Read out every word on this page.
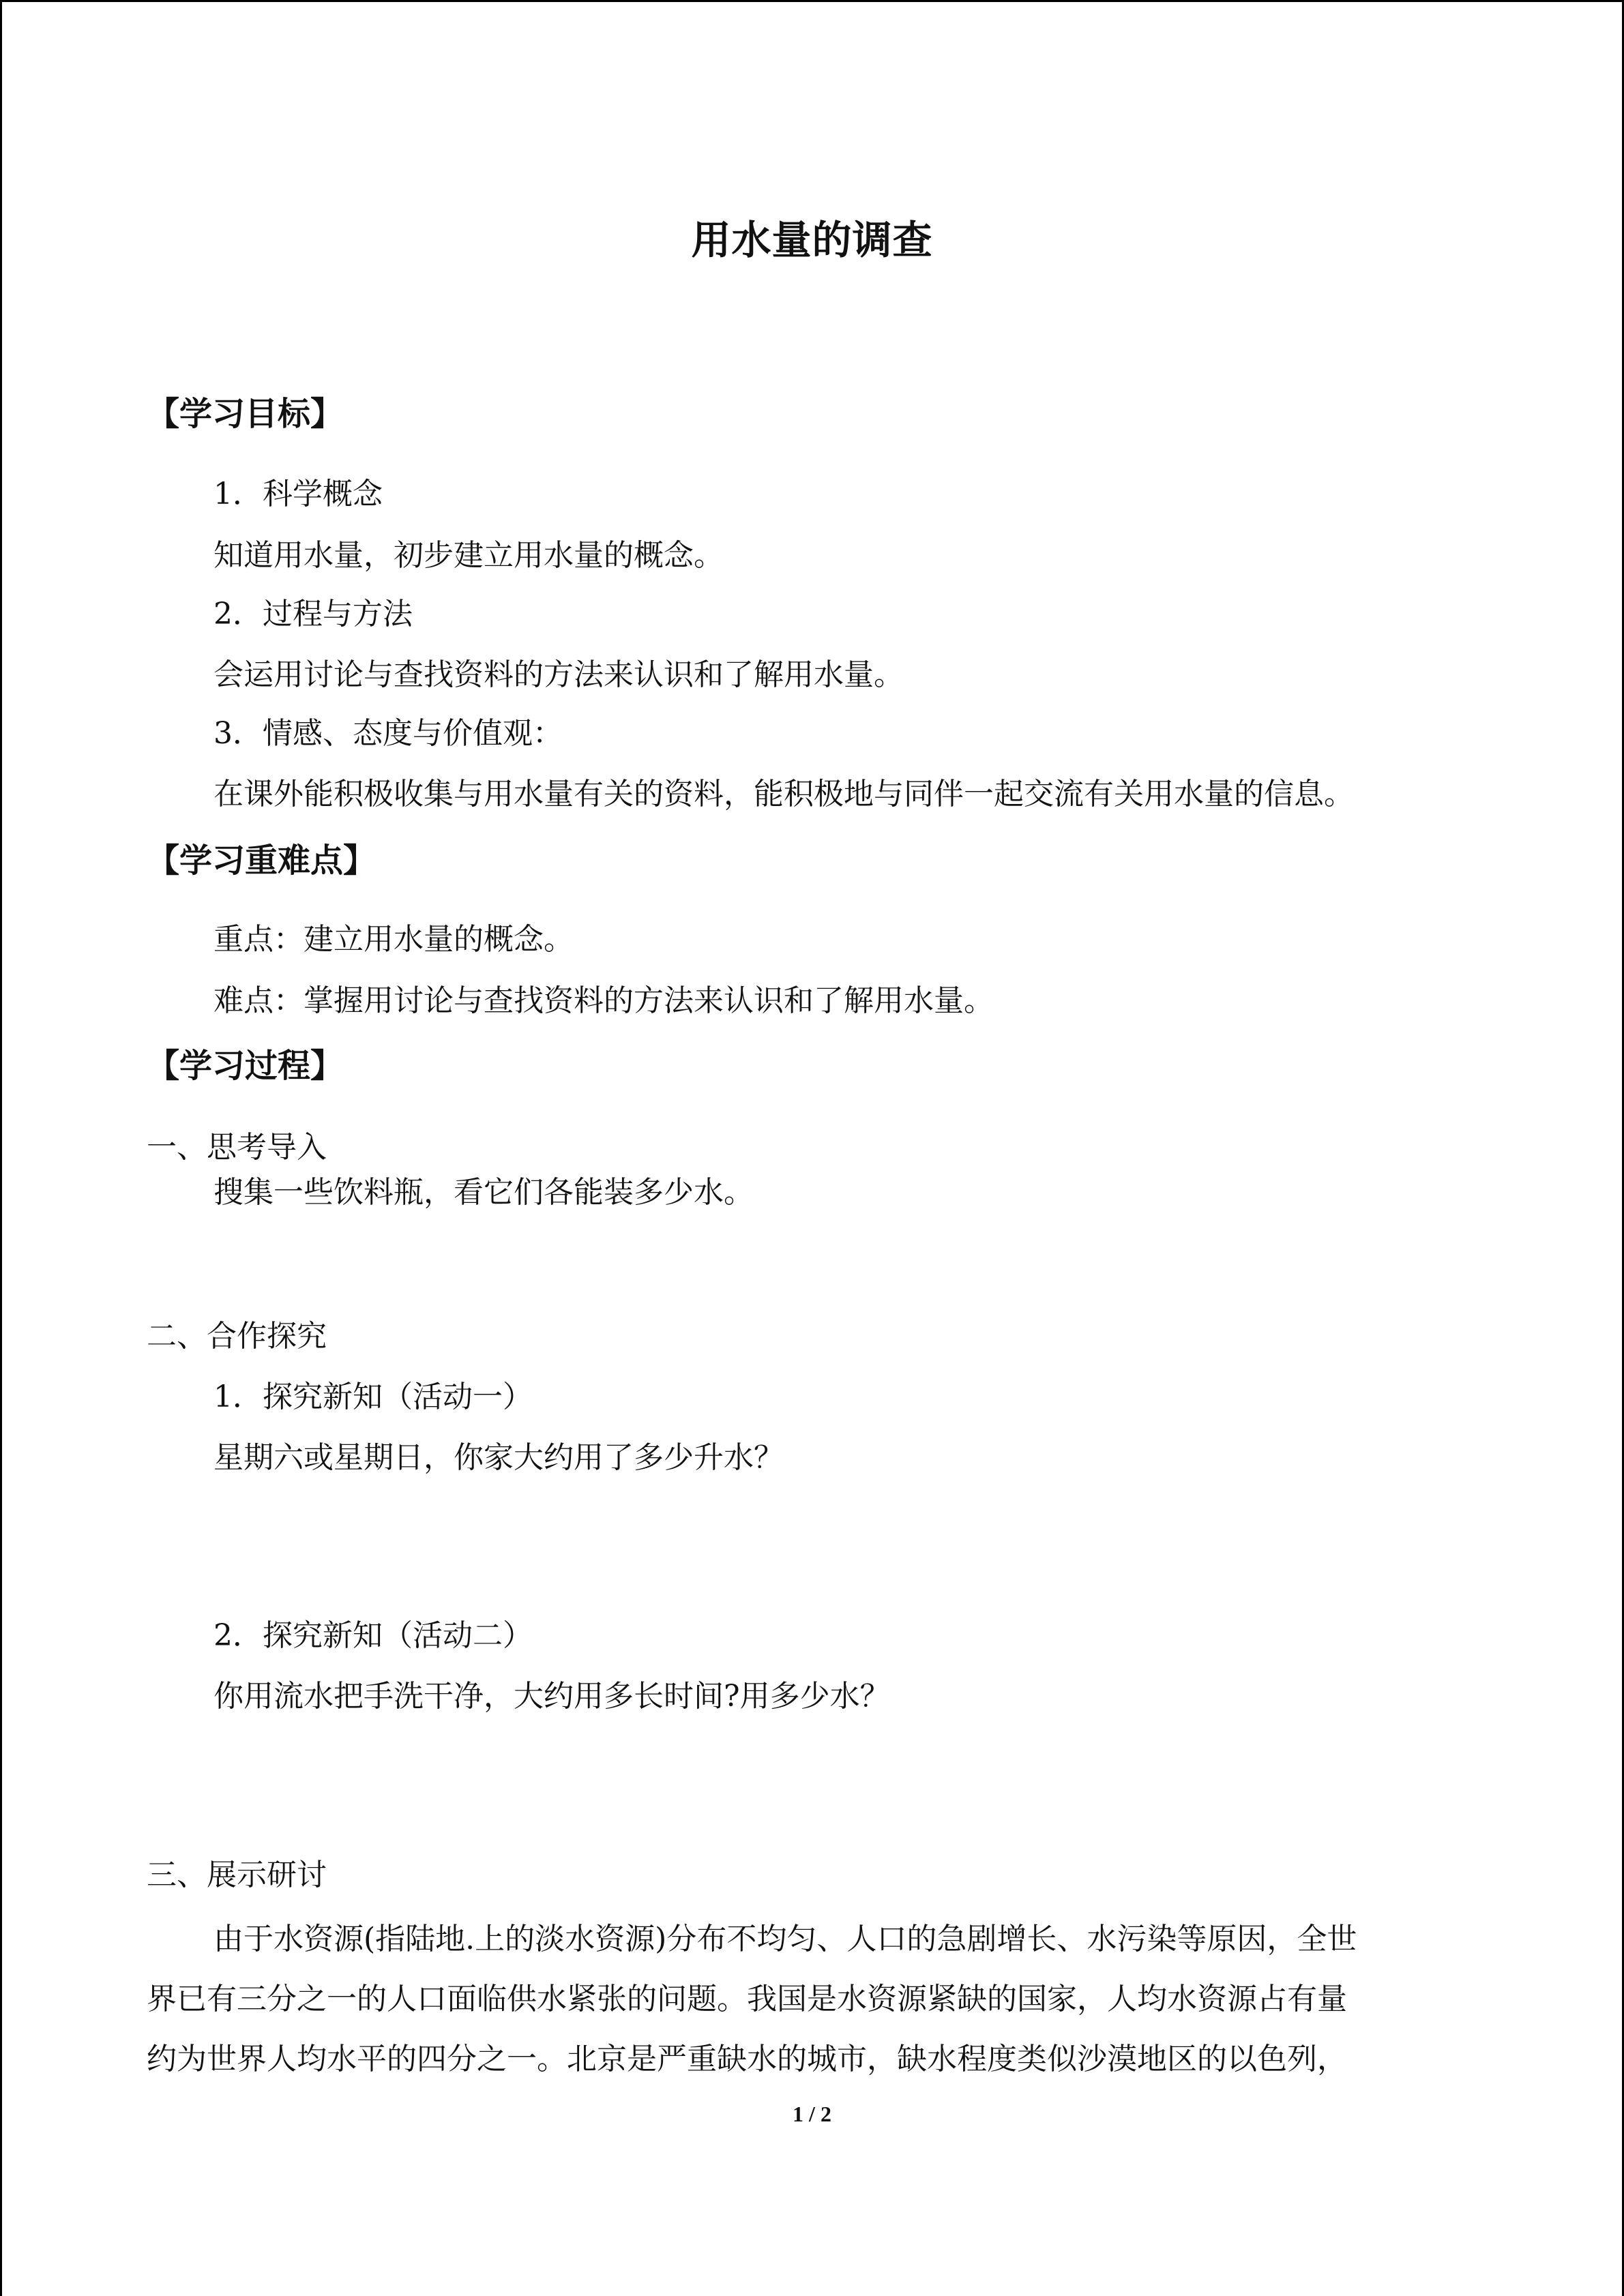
用水量的调查
【学习目标】
1．科学概念
知道用水量，初步建立用水量的概念。
2．过程与方法
会运用讨论与查找资料的方法来认识和了解用水量。
3．情感、态度与价值观：
在课外能积极收集与用水量有关的资料，能积极地与同伴一起交流有关用水量的信息。
【学习重难点】
重点：建立用水量的概念。
难点：掌握用讨论与查找资料的方法来认识和了解用水量。
【学习过程】
一、思考导入
搜集一些饮料瓶，看它们各能装多少水。
二、合作探究
1．探究新知（活动一）
星期六或星期日，你家大约用了多少升水？
2．探究新知（活动二）
你用流水把手洗干净，大约用多长时间?用多少水？
三、展示研讨
由于水资源(指陆地.上的淡水资源)分布不均匀、人口的急剧增长、水污染等原因，全世
界已有三分之一的人口面临供水紧张的问题。我国是水资源紧缺的国家，人均水资源占有量
约为世界人均水平的四分之一。北京是严重缺水的城市，缺水程度类似沙漠地区的以色列，
1 / 2
